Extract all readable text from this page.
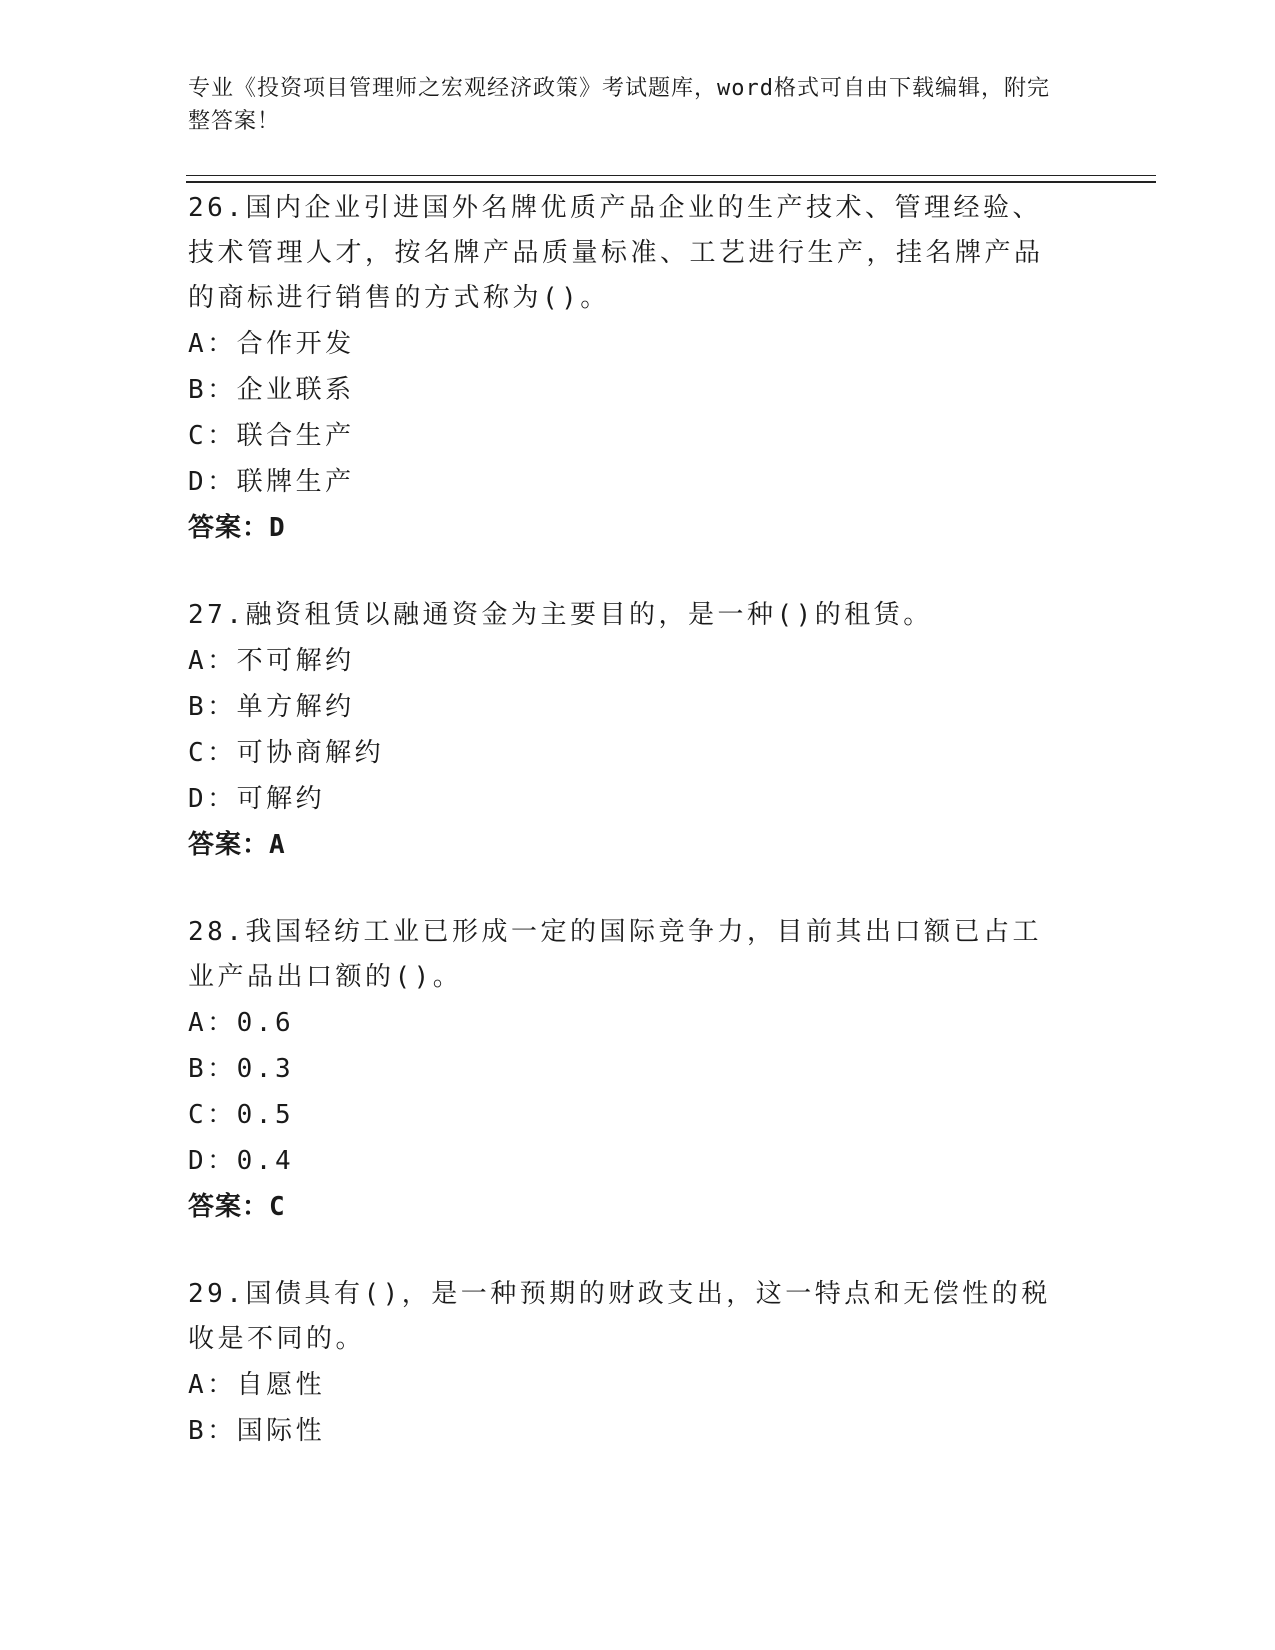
专业《投资项目管理师之宏观经济政策》考试题库，word格式可自由下载编辑，附完整答案！
26.国内企业引进国外名牌优质产品企业的生产技术、管理经验、技术管理人才，按名牌产品质量标准、工艺进行生产，挂名牌产品的商标进行销售的方式称为()。
A：合作开发
B：企业联系
C：联合生产
D：联牌生产
答案：D
27.融资租赁以融通资金为主要目的，是一种()的租赁。
A：不可解约
B：单方解约
C：可协商解约
D：可解约
答案：A
28.我国轻纺工业已形成一定的国际竞争力，目前其出口额已占工业产品出口额的()。
A：0.6
B：0.3
C：0.5
D：0.4
答案：C
29.国债具有()，是一种预期的财政支出，这一特点和无偿性的税收是不同的。
A：自愿性
B：国际性
